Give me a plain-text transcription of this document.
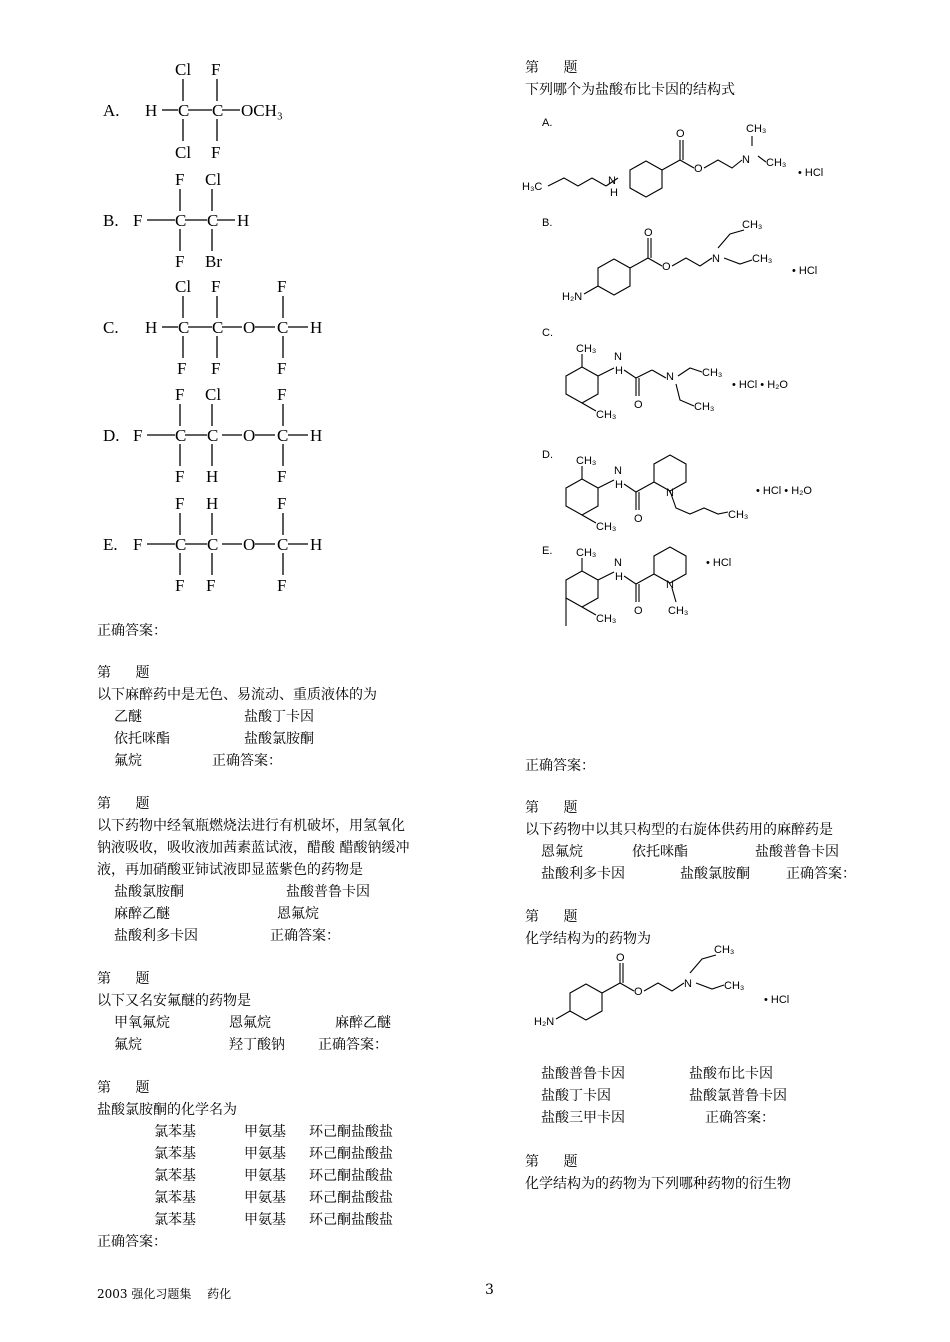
A.
B.
C.
D.
E.
H C C OCH₃
Cl F
Cl F
F C C H
F Cl
F Br
H C C O C H
Cl F	F
F F	F
F C C O C H
F Cl	F
F H	F
F C C O C H
F H	F
F F	F
正确答案：
第 题
以下麻醉药中是无色、易流动、重质液体的为
乙醚	盐酸丁卡因
依托咪酯	盐酸氯胺酮
氟烷	正确答案：
第 题
以下药物中经氧瓶燃烧法进行有机破坏，用氢氧化
钠液吸收，吸收液加茜素蓝试液，醋酸 醋酸钠缓冲
液，再加硝酸亚铈试液即显蓝紫色的药物是
盐酸氯胺酮	盐酸普鲁卡因
麻醉乙醚	恩氟烷
盐酸利多卡因	正确答案：
第 题
以下又名安氟醚的药物是
甲氧氟烷	恩氟烷	麻醉乙醚
氟烷	羟丁酸钠 正确答案：
第 题
盐酸氯胺酮的化学名为
氯苯基	甲氨基 环己酮盐酸盐
氯苯基	甲氨基 环己酮盐酸盐
氯苯基	甲氨基 环己酮盐酸盐
氯苯基	甲氨基 环己酮盐酸盐
氯苯基	甲氨基 环己酮盐酸盐
正确答案：
第 题
下列哪个为盐酸布比卡因的结构式
A.
B.
C.
D.
E.
H₃C	N
H
O
O
N
CH₃
CH₃
• HCl
H₂N
O
O
N
CH₃
CH₃
• HCl
CH₃
CH₃
N
H
O
N	CH₃
CH₃
• HCl • H₂O
CH₃
CH₃
N
H
O
N
CH₃
• HCl • H₂O
CH₃
CH₃
N
H
O
N
CH₃
• HCl
正确答案：
第 题
以下药物中以其只构型的右旋体供药用的麻醉药是
恩氟烷	依托咪酯	盐酸普鲁卡因
盐酸利多卡因	盐酸氯胺酮	正确答案：
第 题
化学结构为的药物为
H₂N
O
O
N
CH₃
CH₃
• HCl
盐酸普鲁卡因	盐酸布比卡因
盐酸丁卡因	盐酸氯普鲁卡因
盐酸三甲卡因	正确答案：
第 题
化学结构为的药物为下列哪种药物的衍生物
2003 强化习题集　 药化	3
